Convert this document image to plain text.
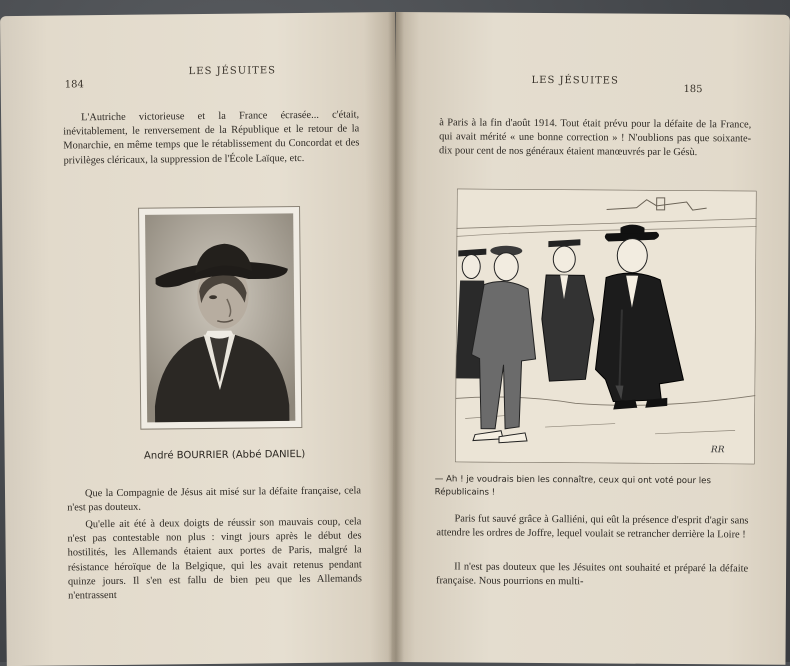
184
LES JÉSUITES
L'Autriche victorieuse et la France écrasée... c'était, inévitablement, le renversement de la République et le retour de la Monarchie, en même temps que le rétablissement du Concordat et des privilèges cléricaux, la suppression de l'École Laïque, etc.
André BOURRIER (Abbé DANIEL)
Que la Compagnie de Jésus ait misé sur la défaite française, cela n'est pas douteux.
Qu'elle ait été à deux doigts de réussir son mauvais coup, cela n'est pas contestable non plus : vingt jours après le début des hostilités, les Allemands étaient aux portes de Paris, malgré la résistance héroïque de la Belgique, qui les avait retenus pendant quinze jours. Il s'en est fallu de bien peu que les Allemands n'entrassent
LES JÉSUITES
185
à Paris à la fin d'août 1914. Tout était prévu pour la défaite de la France, qui avait mérité « une bonne correction » ! N'oublions pas que soixante-dix pour cent de nos généraux étaient manœuvrés par le Gésù.
RR
— Ah ! je voudrais bien les connaître, ceux qui ont voté pour les Républicains !
Paris fut sauvé grâce à Galliéni, qui eût la présence d'esprit d'agir sans attendre les ordres de Joffre, lequel voulait se retrancher derrière la Loire !
Il n'est pas douteux que les Jésuites ont souhaité et préparé la défaite française. Nous pourrions en multi-
